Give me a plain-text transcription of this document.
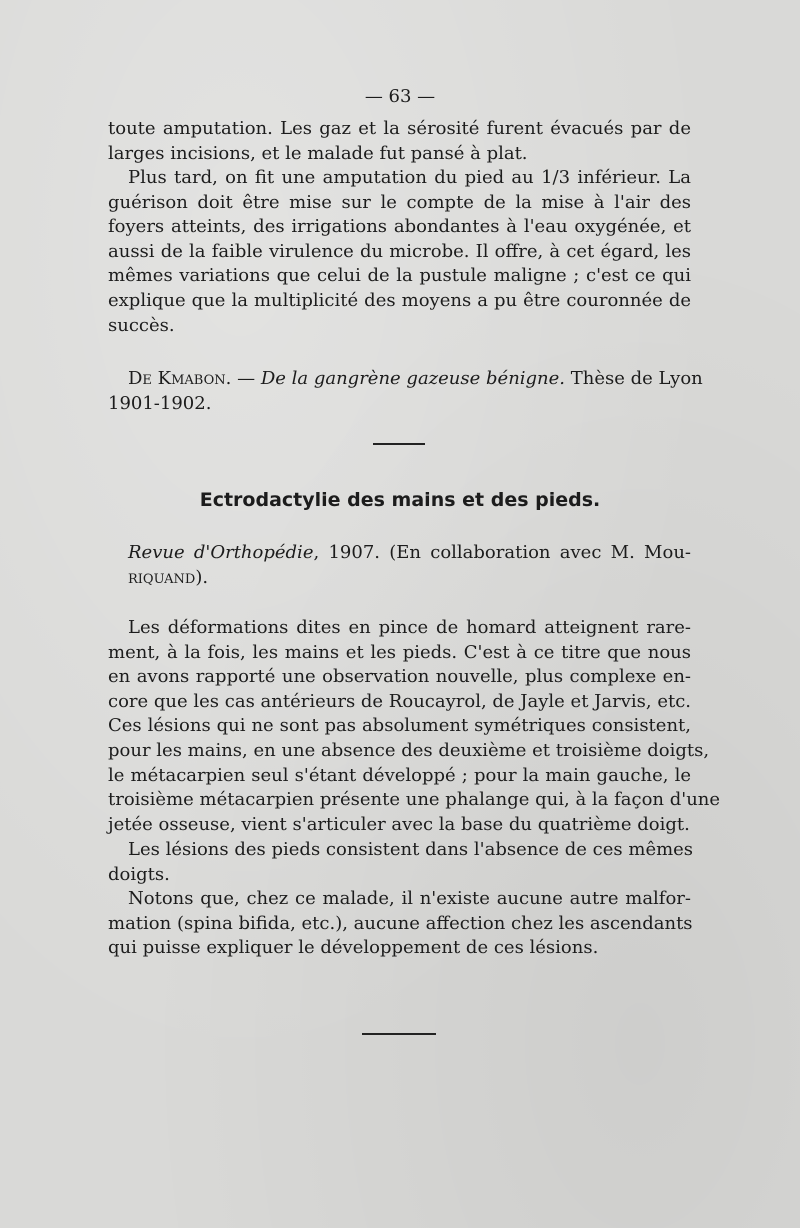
— 63 —
toute amputation. Les gaz et la sérosité furent évacués par de
larges incisions, et le malade fut pansé à plat.
Plus tard, on fit une amputation du pied au 1/3 inférieur. La
guérison doit être mise sur le compte de la mise à l'air des
foyers atteints, des irrigations abondantes à l'eau oxygénée, et
aussi de la faible virulence du microbe. Il offre, à cet égard, les
mêmes variations que celui de la pustule maligne ; c'est ce qui
explique que la multiplicité des moyens a pu être couronnée de
succès.
De Kmabon. — De la gangrène gazeuse bénigne. Thèse de Lyon
1901-1902.
Ectrodactylie des mains et des pieds.
Revue d'Orthopédie, 1907. (En collaboration avec M. Mou-
riquand).
Les déformations dites en pince de homard atteignent rare-
ment, à la fois, les mains et les pieds. C'est à ce titre que nous
en avons rapporté une observation nouvelle, plus complexe en-
core que les cas antérieurs de Roucayrol, de Jayle et Jarvis, etc.
Ces lésions qui ne sont pas absolument symétriques consistent,
pour les mains, en une absence des deuxième et troisième doigts,
le métacarpien seul s'étant développé ; pour la main gauche, le
troisième métacarpien présente une phalange qui, à la façon d'une
jetée osseuse, vient s'articuler avec la base du quatrième doigt.
Les lésions des pieds consistent dans l'absence de ces mêmes
doigts.
Notons que, chez ce malade, il n'existe aucune autre malfor-
mation (spina bifida, etc.), aucune affection chez les ascendants
qui puisse expliquer le développement de ces lésions.
